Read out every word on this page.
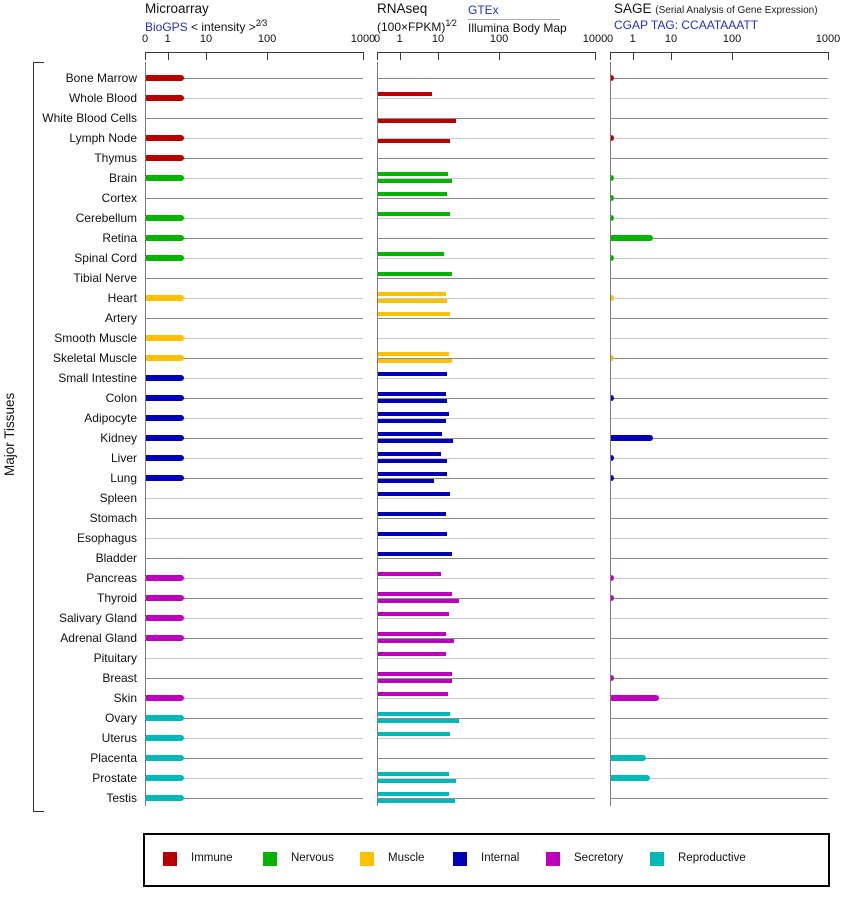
Microarray
BioGPS < intensity >$^{2⁄3}$
RNAseq
(100×FPKM)$^{1⁄2}$
GTEx
Illumina Body Map
SAGE (Serial Analysis of Gene Expression)
CGAP TAG: CCAATAAATT
Major Tissues
0 1	10	100	1000
0 1	10	100	1000 0 1	10	100	1000
Bone Marrow
Whole Blood
White Blood Cells
Lymph Node
Thymus
Brain
Cortex
Cerebellum
Retina
Spinal Cord
Tibial Nerve
Heart
Artery
Smooth Muscle
Skeletal Muscle
Small Intestine
Colon
Adipocyte
Kidney
Liver
Lung
Spleen
Stomach
Esophagus
Bladder
Pancreas
Thyroid
Salivary Gland
Adrenal Gland
Pituitary
Breast
Skin
Ovary
Uterus
Placenta
Prostate
Testis
Immune	Nervous	Muscle	Internal	Secretory	Reproductive
